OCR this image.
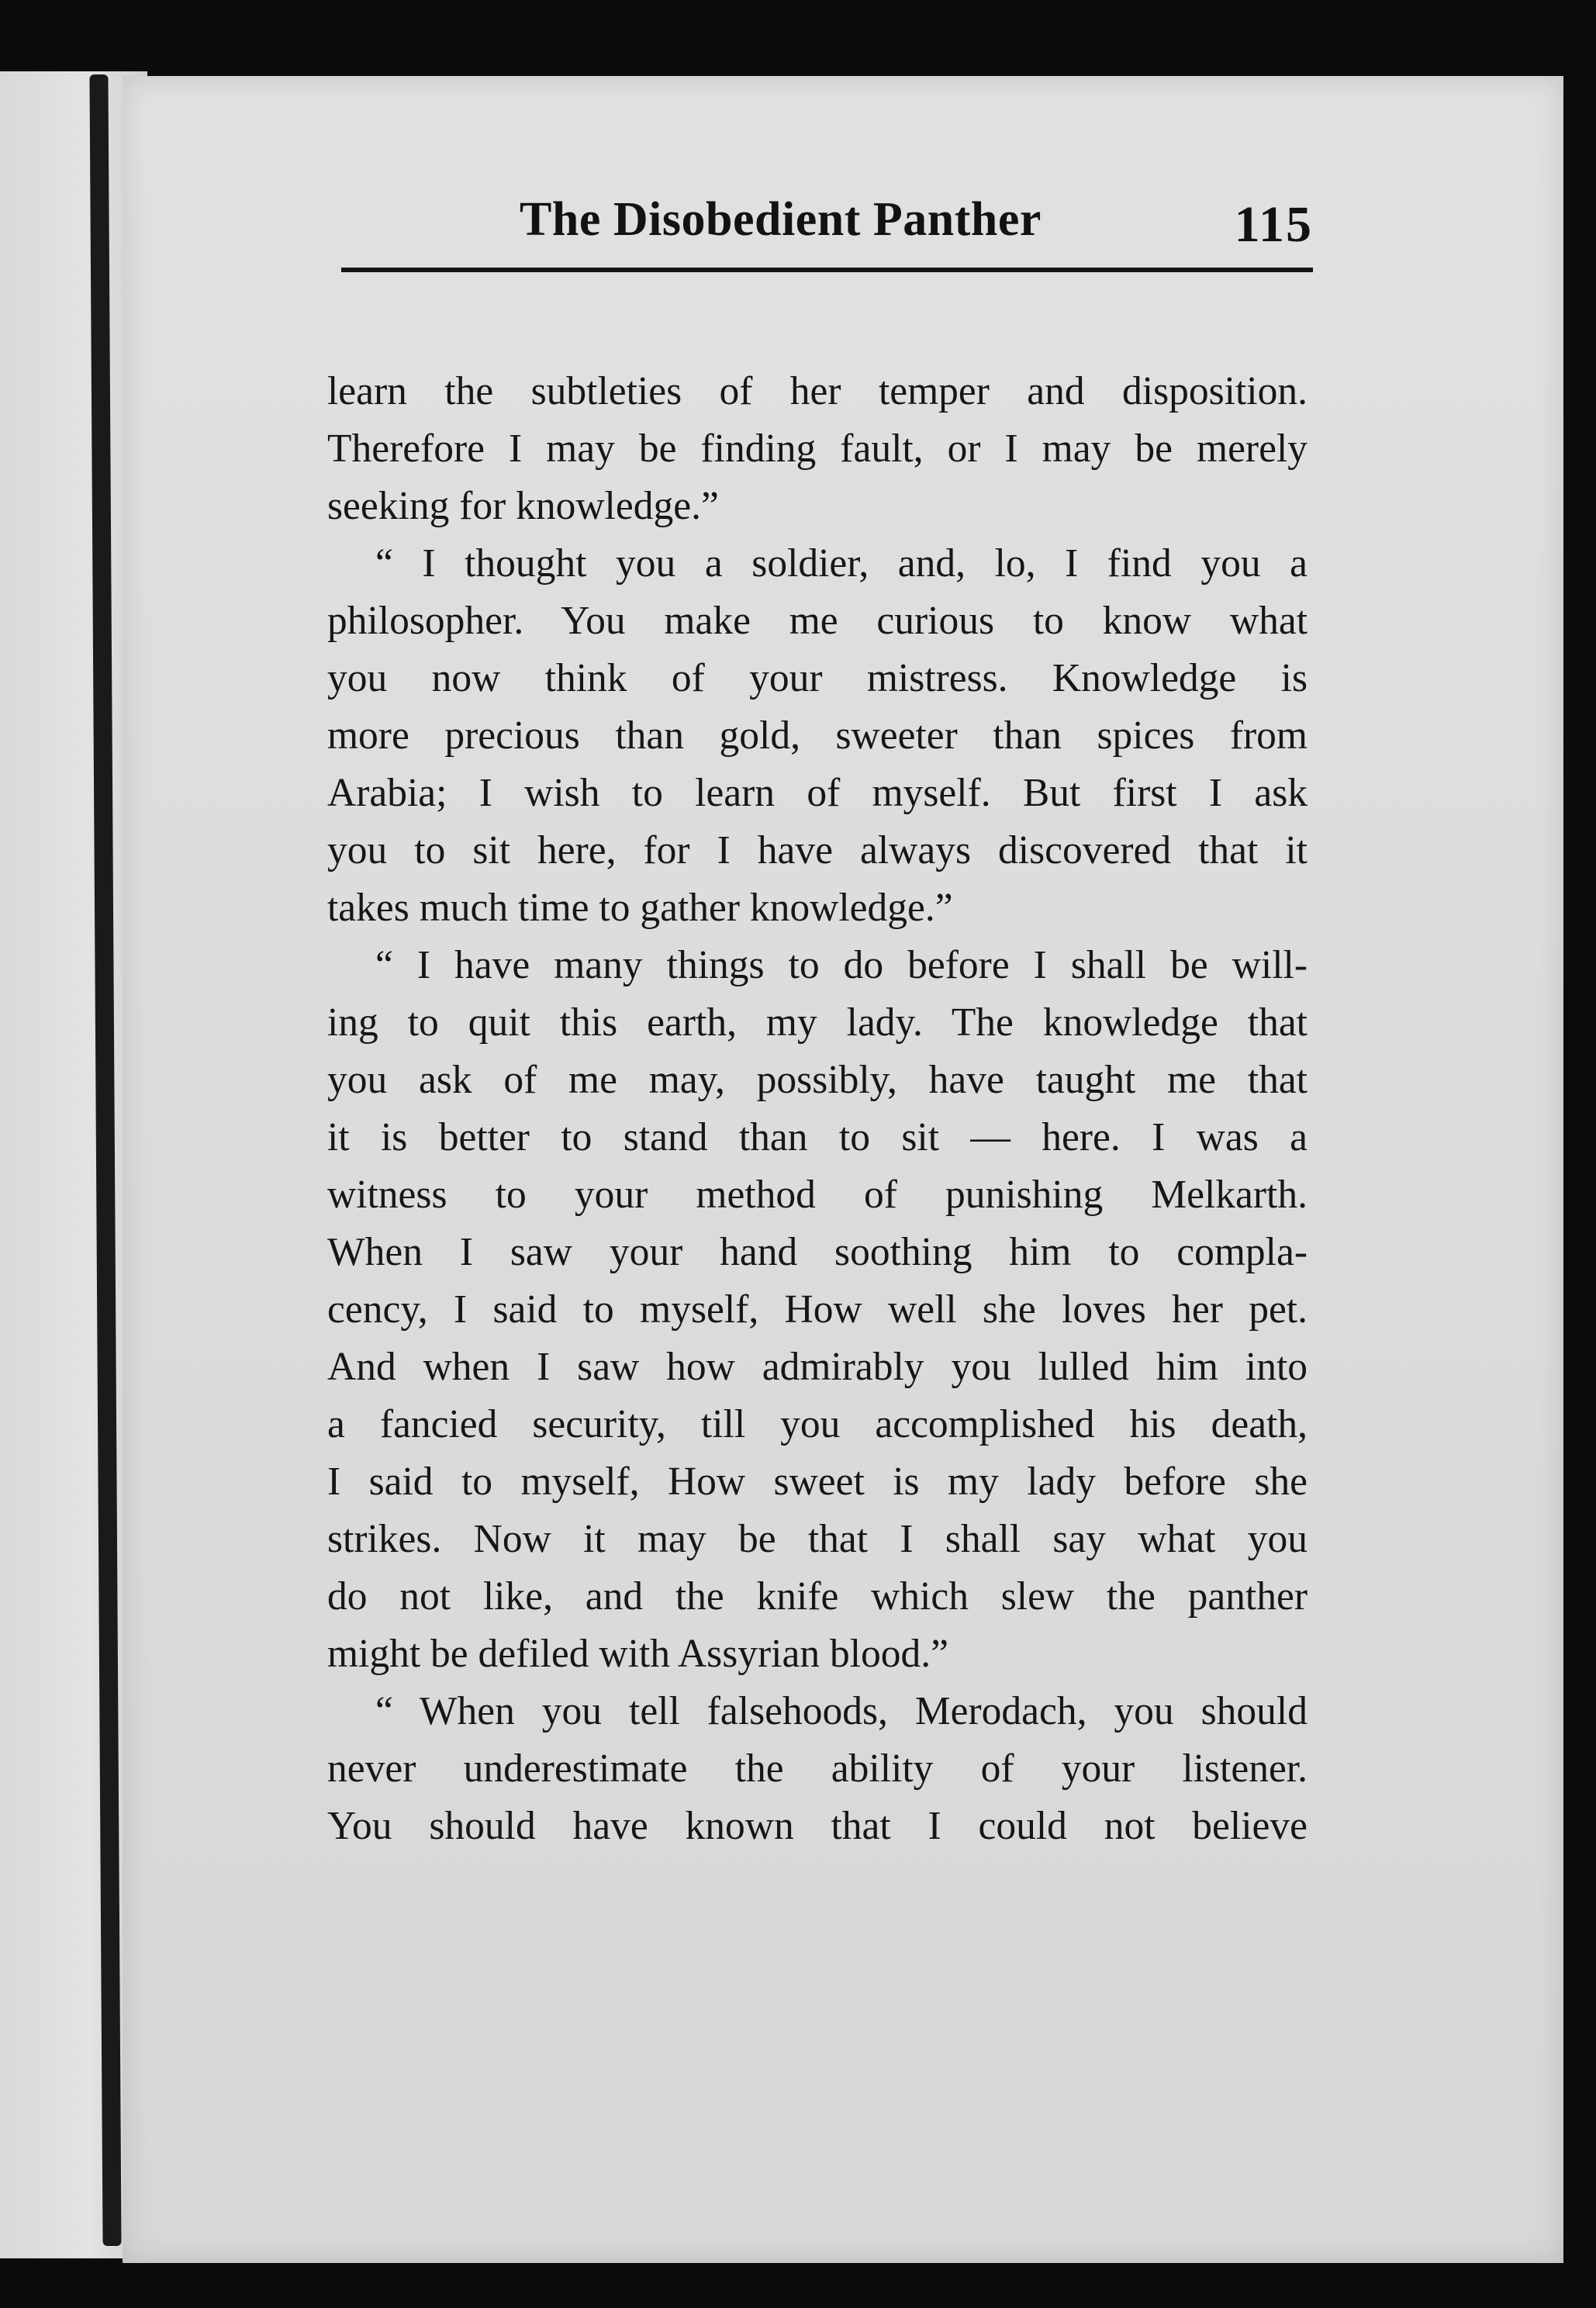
The Disobedient Panther	115
learn the subtleties of her temper and disposition.
Therefore I may be finding fault, or I may be merely
seeking for knowledge.”
“ I thought you a soldier, and, lo, I find you a
philosopher. You make me curious to know what
you now think of your mistress. Knowledge is
more precious than gold, sweeter than spices from
Arabia; I wish to learn of myself. But first I ask
you to sit here, for I have always discovered that it
takes much time to gather knowledge.”
“ I have many things to do before I shall be will-
ing to quit this earth, my lady. The knowledge that
you ask of me may, possibly, have taught me that
it is better to stand than to sit — here. I was a
witness to your method of punishing Melkarth.
When I saw your hand soothing him to compla-
cency, I said to myself, How well she loves her pet.
And when I saw how admirably you lulled him into
a fancied security, till you accomplished his death,
I said to myself, How sweet is my lady before she
strikes. Now it may be that I shall say what you
do not like, and the knife which slew the panther
might be defiled with Assyrian blood.”
“ When you tell falsehoods, Merodach, you should
never underestimate the ability of your listener.
You should have known that I could not believe
